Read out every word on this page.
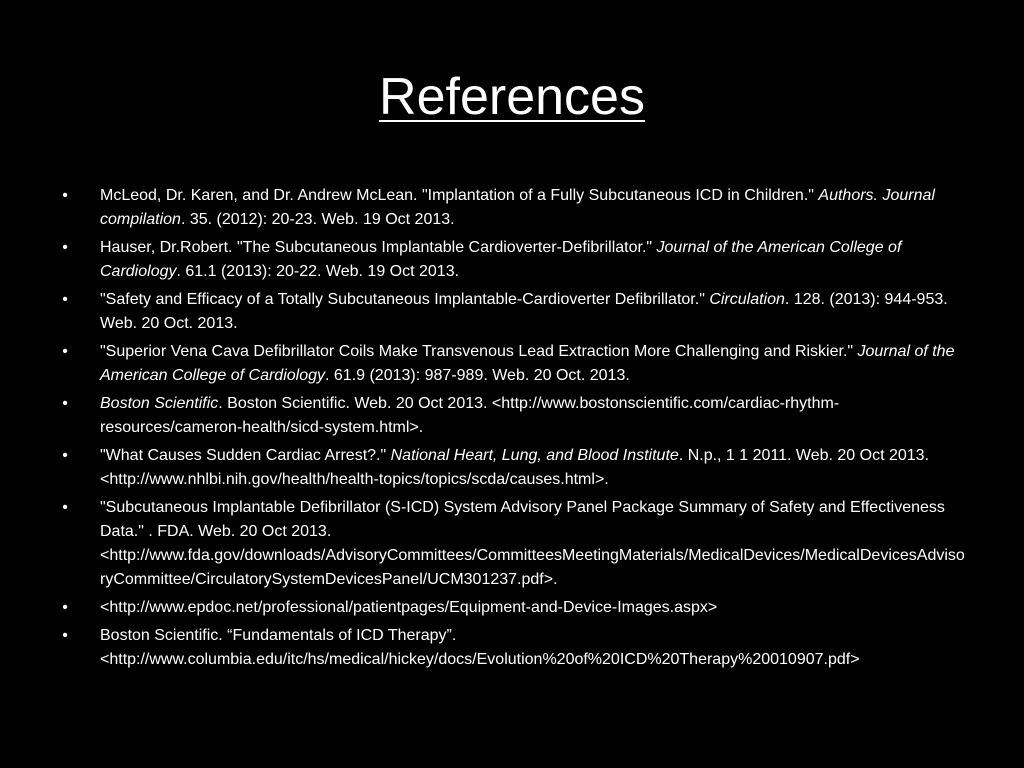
References
• McLeod, Dr. Karen, and Dr. Andrew McLean. "Implantation of a Fully Subcutaneous ICD in Children." Authors. Journal compilation. 35. (2012): 20-23. Web. 19 Oct 2013.
• Hauser, Dr.Robert. "The Subcutaneous Implantable Cardioverter-Defibrillator." Journal of the American College of Cardiology. 61.1 (2013): 20-22. Web. 19 Oct 2013.
• "Safety and Efficacy of a Totally Subcutaneous Implantable-Cardioverter Defibrillator." Circulation. 128. (2013): 944-953. Web. 20 Oct. 2013.
• "Superior Vena Cava Defibrillator Coils Make Transvenous Lead Extraction More Challenging and Riskier." Journal of the American College of Cardiology. 61.9 (2013): 987-989. Web. 20 Oct. 2013.
• Boston Scientific. Boston Scientific. Web. 20 Oct 2013. <http://www.bostonscientific.com/cardiac-rhythm-resources/cameron-health/sicd-system.html>.
• "What Causes Sudden Cardiac Arrest?." National Heart, Lung, and Blood Institute. N.p., 1 1 2011. Web. 20 Oct 2013. <http://www.nhlbi.nih.gov/health/health-topics/topics/scda/causes.html>.
• "Subcutaneous Implantable Defibrillator (S-ICD) System Advisory Panel Package Summary of Safety and Effectiveness Data." . FDA. Web. 20 Oct 2013. <http://www.fda.gov/downloads/AdvisoryCommittees/CommitteesMeetingMaterials/MedicalDevices/MedicalDevicesAdvisoryCommittee/CirculatorySystemDevicesPanel/UCM301237.pdf>.
• <http://www.epdoc.net/professional/patientpages/Equipment-and-Device-Images.aspx>
• Boston Scientific. “Fundamentals of ICD Therapy”. <http://www.columbia.edu/itc/hs/medical/hickey/docs/Evolution%20of%20ICD%20Therapy%20010907.pdf>
